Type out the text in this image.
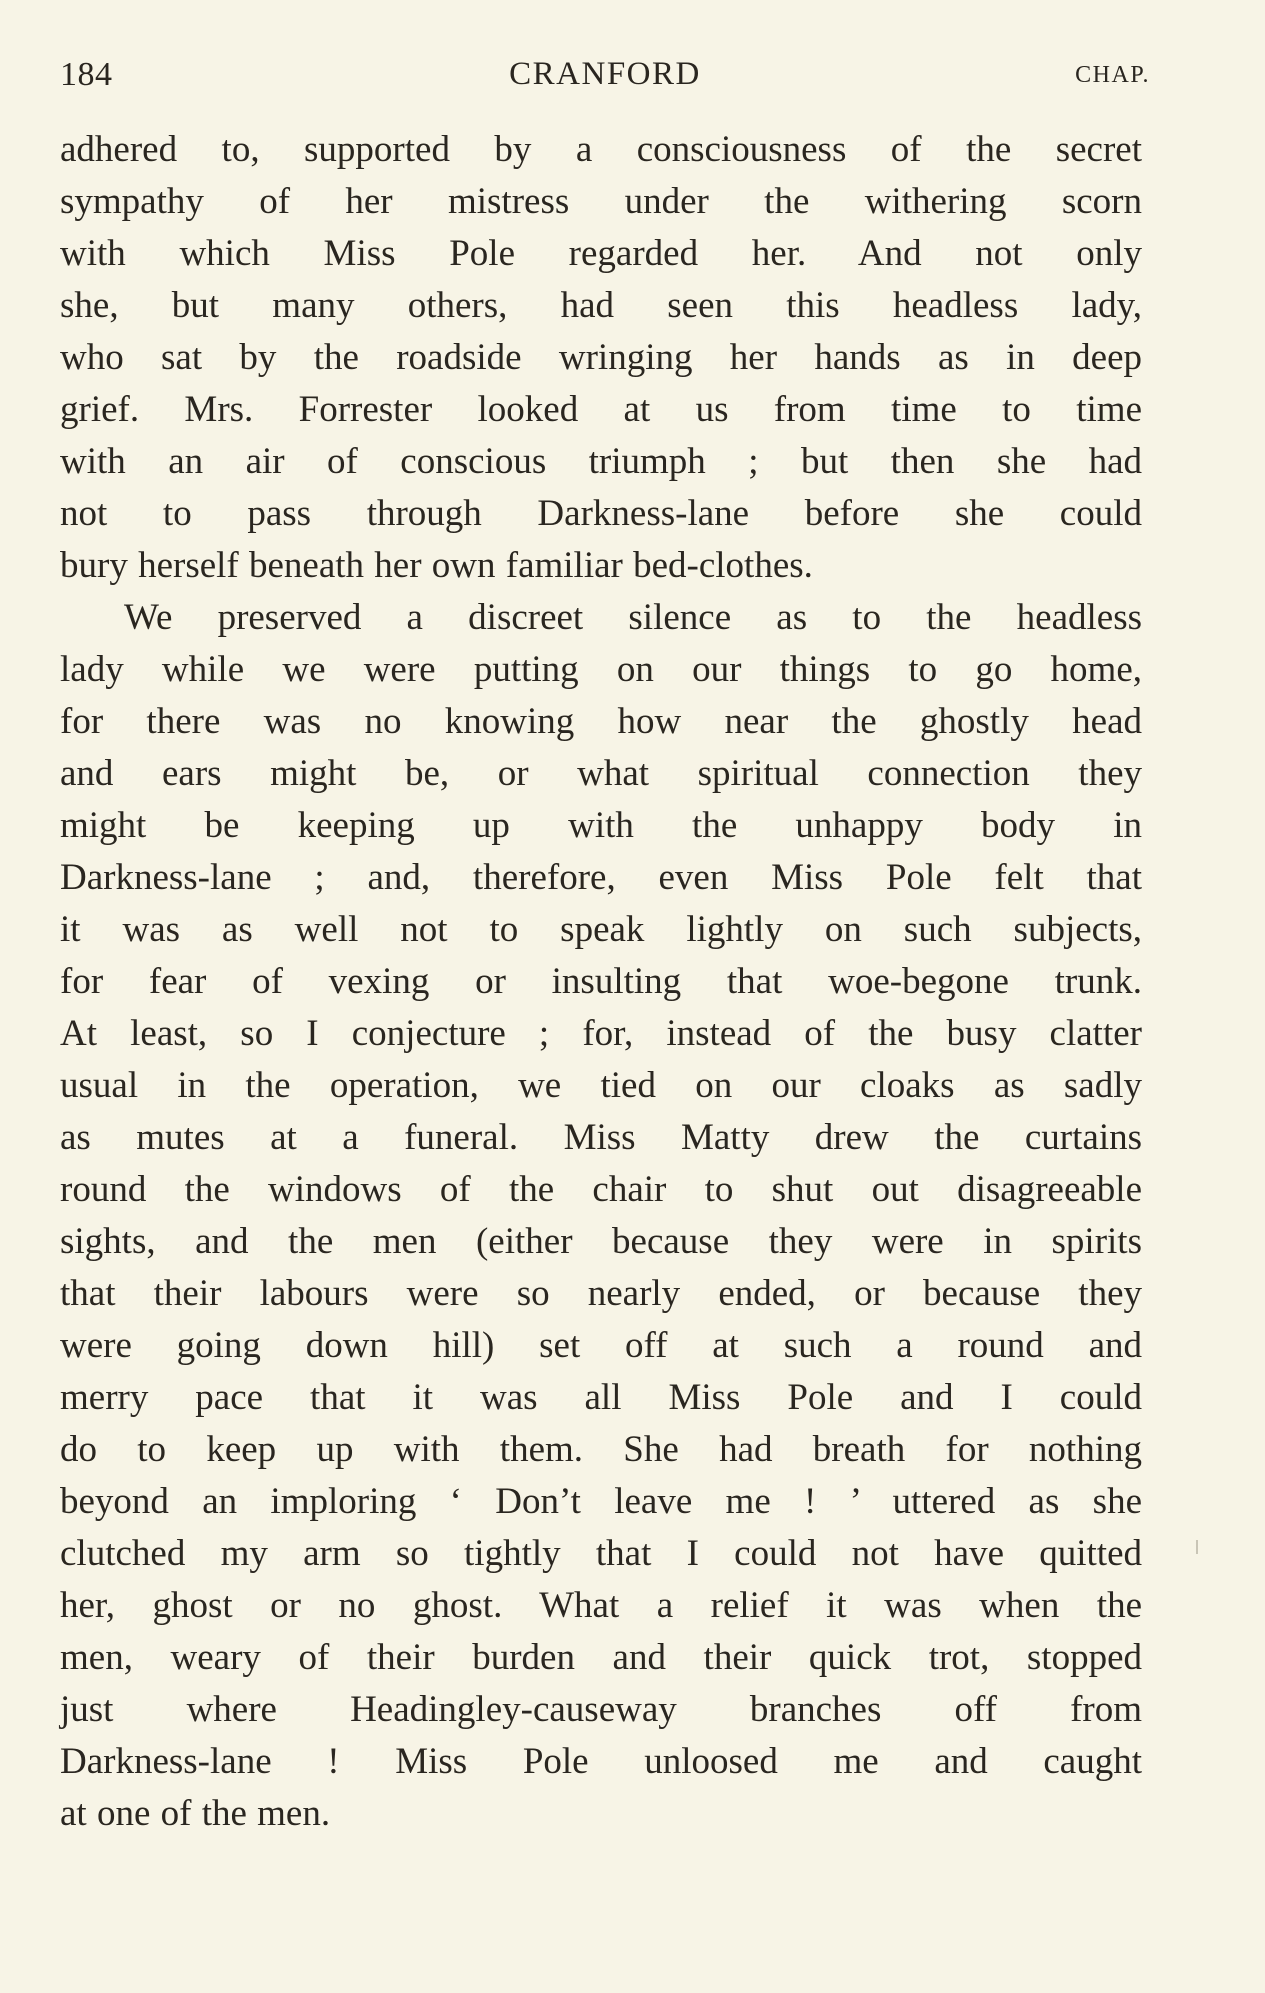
184	CRANFORD	CHAP.
adhered to, supported by a consciousness of the secret
sympathy of her mistress under the withering scorn
with which Miss Pole regarded her. And not only
she, but many others, had seen this headless lady,
who sat by the roadside wringing her hands as in deep
grief. Mrs. Forrester looked at us from time to time
with an air of conscious triumph ; but then she had
not to pass through Darkness-lane before she could
bury herself beneath her own familiar bed-clothes.
We preserved a discreet silence as to the headless
lady while we were putting on our things to go home,
for there was no knowing how near the ghostly head
and ears might be, or what spiritual connection they
might be keeping up with the unhappy body in
Darkness-lane ; and, therefore, even Miss Pole felt that
it was as well not to speak lightly on such subjects,
for fear of vexing or insulting that woe-begone trunk.
At least, so I conjecture ; for, instead of the busy clatter
usual in the operation, we tied on our cloaks as sadly
as mutes at a funeral. Miss Matty drew the curtains
round the windows of the chair to shut out disagreeable
sights, and the men (either because they were in spirits
that their labours were so nearly ended, or because they
were going down hill) set off at such a round and
merry pace that it was all Miss Pole and I could
do to keep up with them. She had breath for nothing
beyond an imploring ‘ Don’t leave me ! ’ uttered as she
clutched my arm so tightly that I could not have quitted
her, ghost or no ghost. What a relief it was when the
men, weary of their burden and their quick trot, stopped
just where Headingley-causeway branches off from
Darkness-lane ! Miss Pole unloosed me and caught
at one of the men.
